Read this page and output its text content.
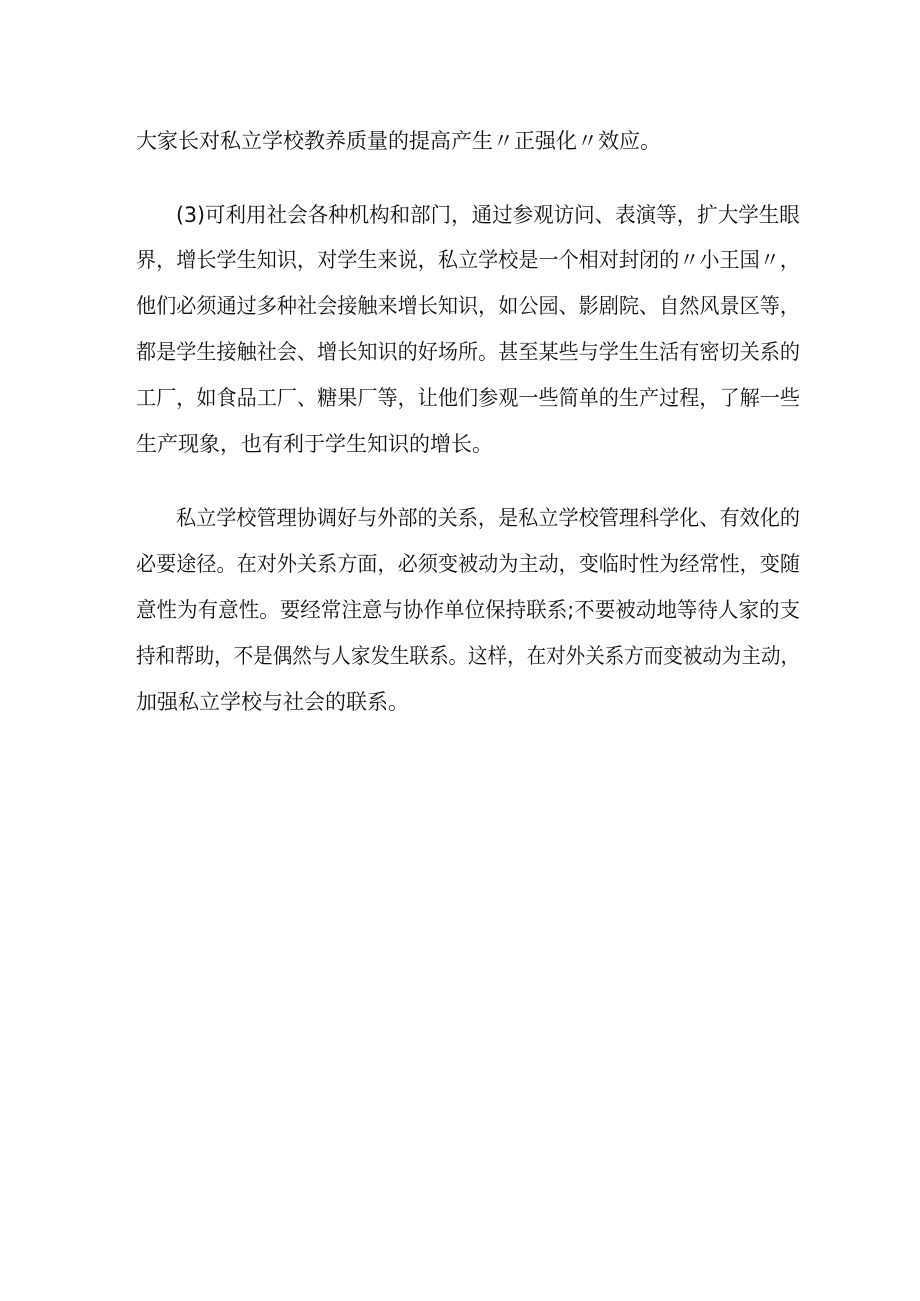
大家长对私立学校教养质量的提高产生〃正强化〃效应。

(3)可利用社会各种机构和部门，通过参观访问、表演等，扩大学生眼

界，增长学生知识，对学生来说，私立学校是一个相对封闭的〃小王国〃，

他们必须通过多种社会接触来增长知识，如公园、影剧院、自然风景区等，

都是学生接触社会、增长知识的好场所。甚至某些与学生生活有密切关系的

工厂，如食品工厂、糖果厂等，让他们参观一些简单的生产过程，了解一些

生产现象，也有利于学生知识的增长。

私立学校管理协调好与外部的关系，是私立学校管理科学化、有效化的

必要途径。在对外关系方面，必须变被动为主动，变临时性为经常性，变随

意性为有意性。要经常注意与协作单位保持联系;不要被动地等待人家的支

持和帮助，不是偶然与人家发生联系。这样，在对外关系方而变被动为主动，

加强私立学校与社会的联系。
